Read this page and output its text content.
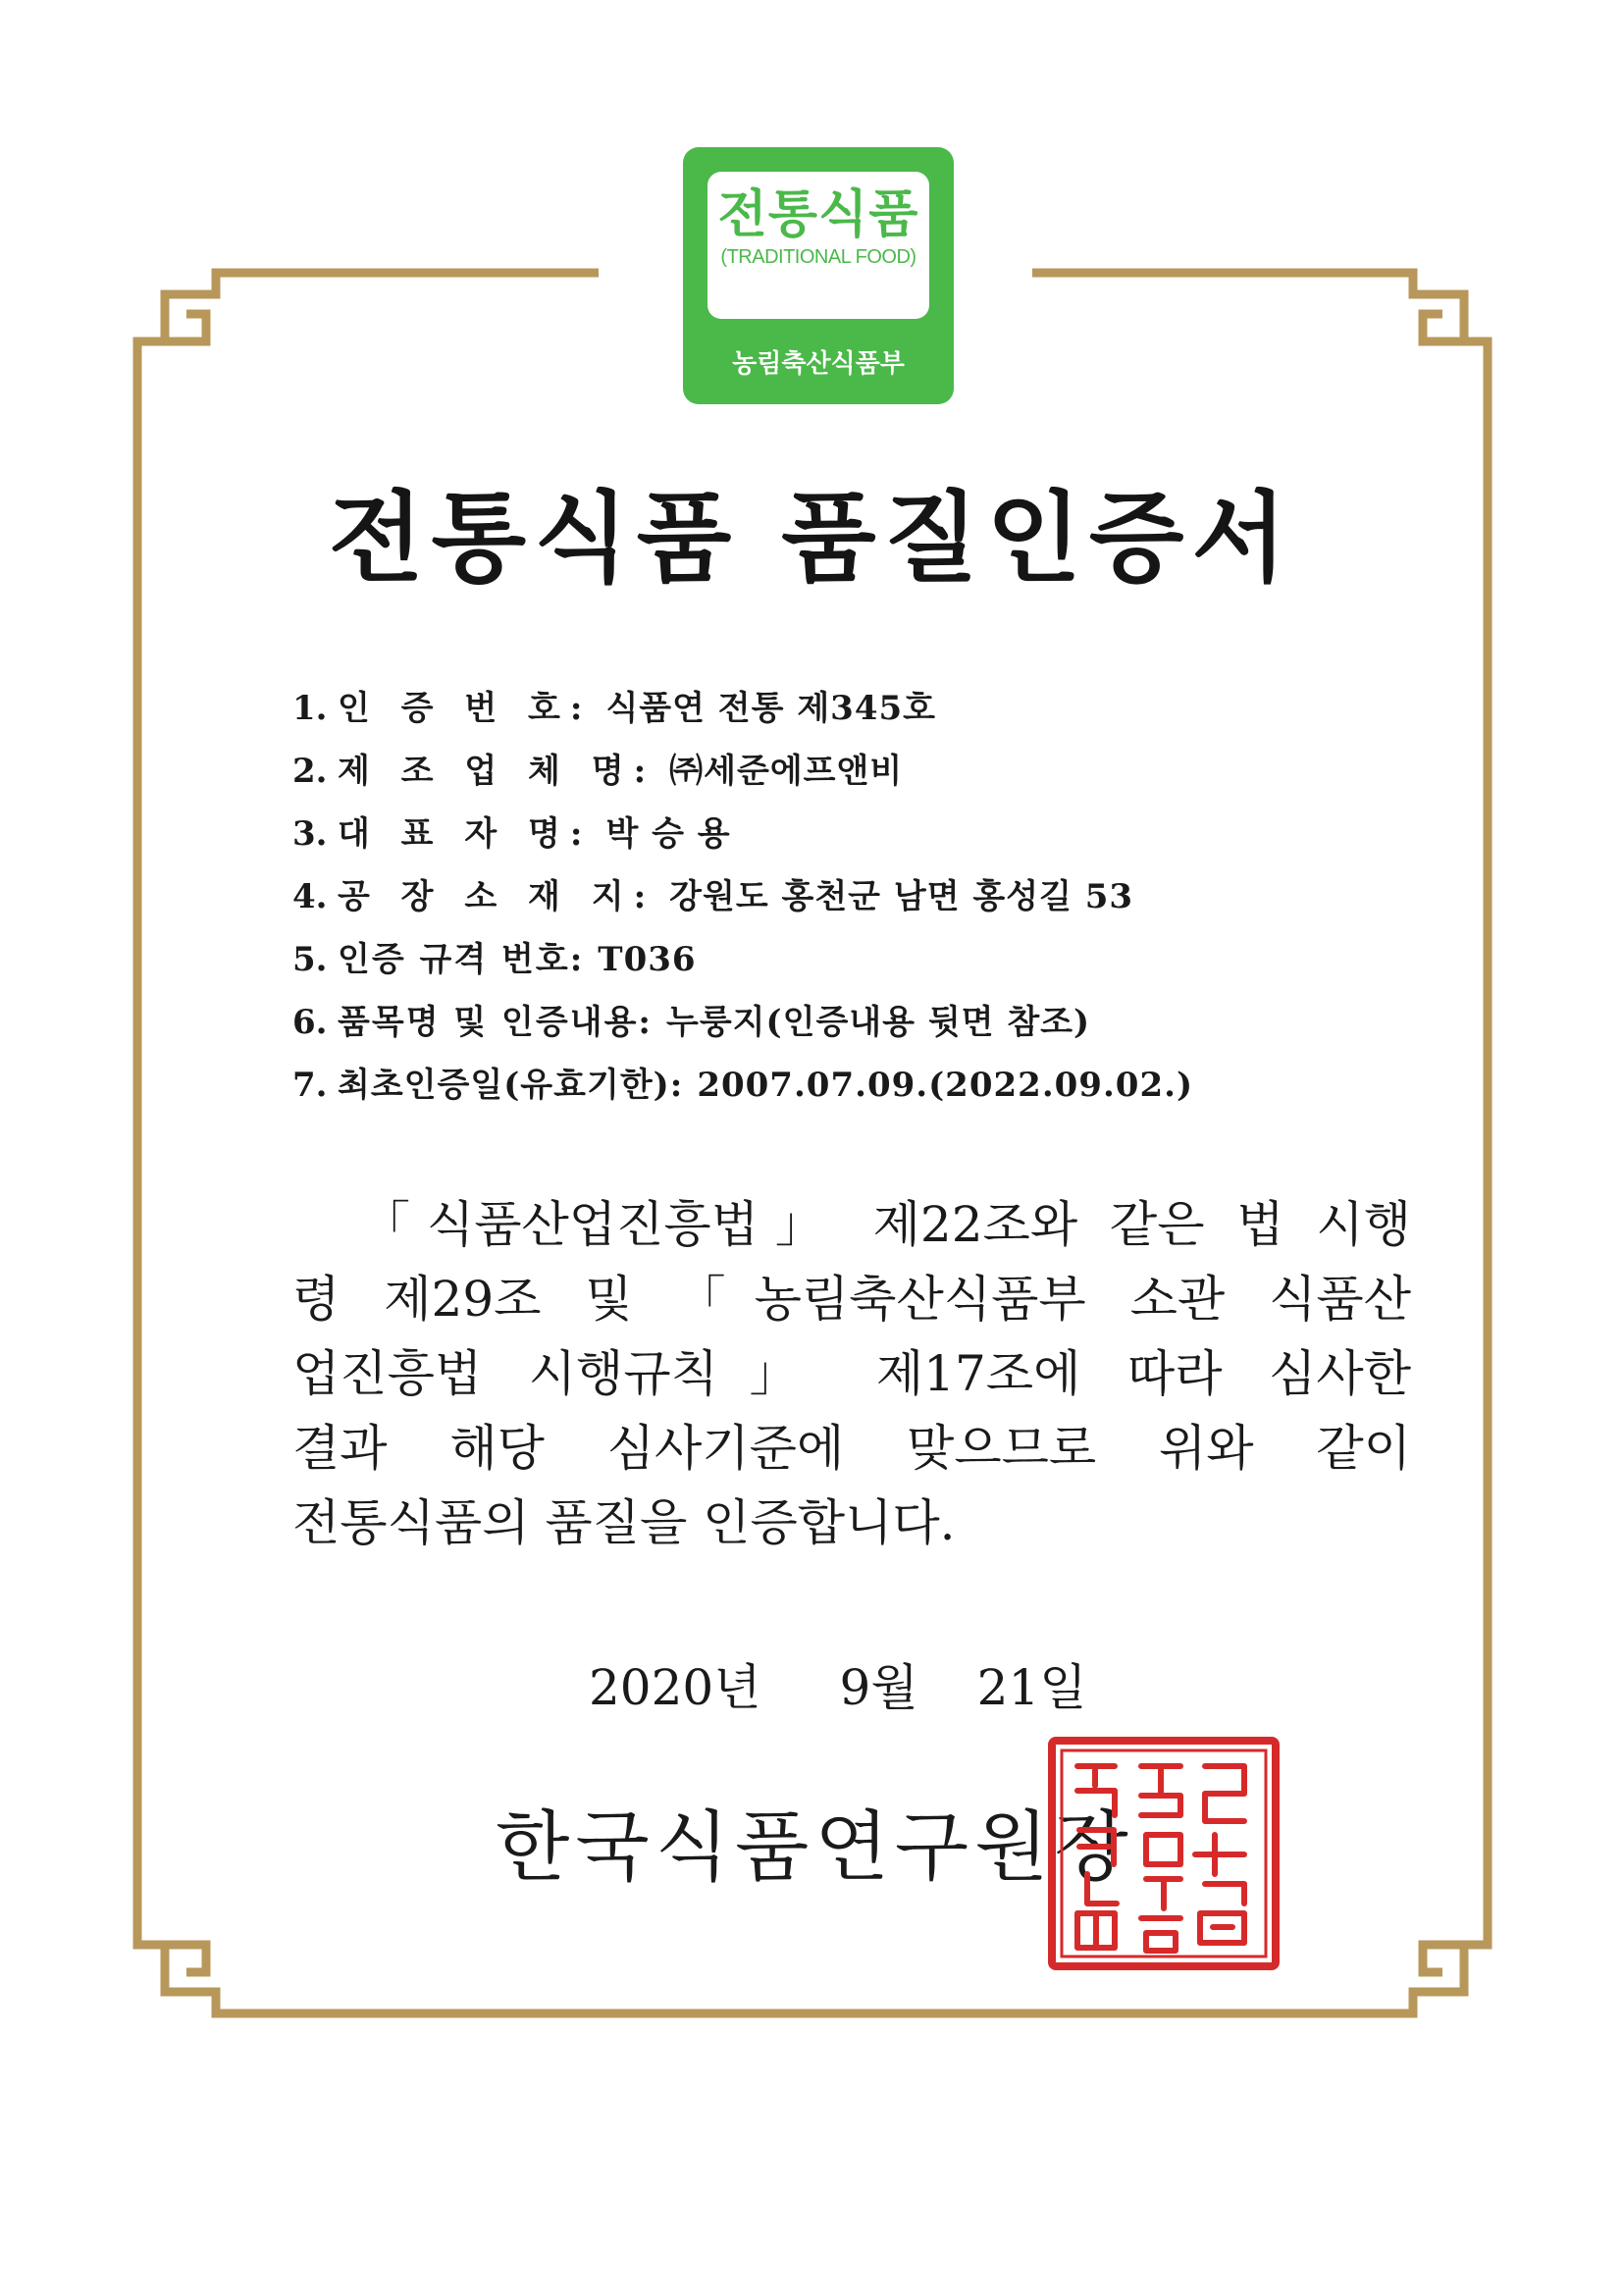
전통식품
(TRADITIONAL FOOD)
농림축산식품부
전통식품 품질인증서
1. 인 증 번 호: 식품연 전통 제345호
2. 제 조 업 체 명: ㈜세준에프앤비
3. 대 표 자 명: 박 승 용
4. 공 장 소 재 지: 강원도 홍천군 남면 홍성길 53
5. 인증 규격 번호: T036
6. 품목명 및 인증내용: 누룽지(인증내용 뒷면 참조)
7. 최초인증일(유효기한): 2007.07.09.(2022.09.02.)
「식품산업진흥법」 제22조와 같은 법 시행
령 제29조 및 「농림축산식품부 소관 식품산
업진흥법 시행규칙」 제17조에 따라 심사한
결과 해당 심사기준에 맞으므로 위와 같이
전통식품의 품질을 인증합니다.
2020년 9월 21일
한국식품연구원장
